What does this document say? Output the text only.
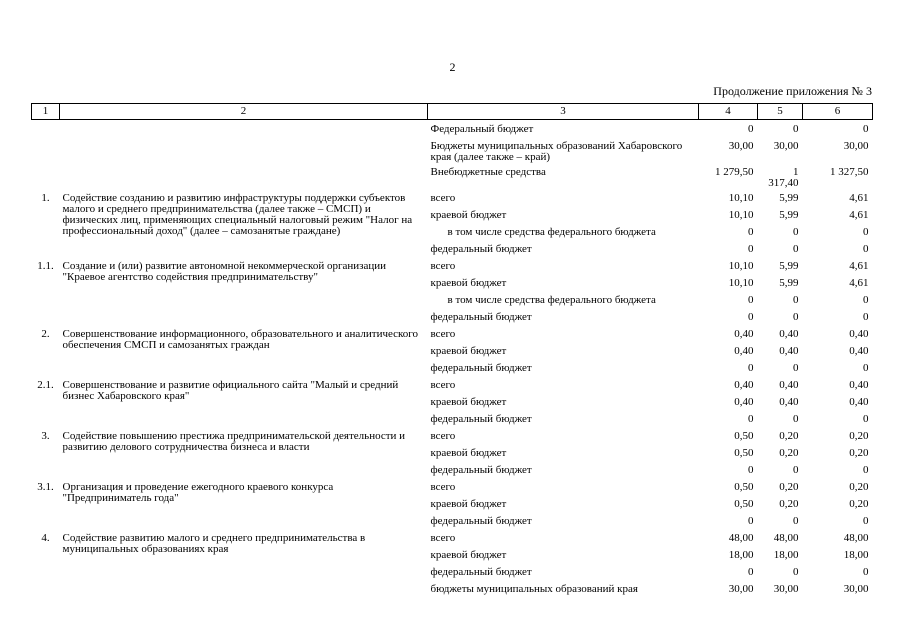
2
Продолжение приложения № 3
1	2	3	4	5	6
		Федеральный бюджет	0	0	0
		Бюджеты муниципальных образований Хабаровского края (далее также – край)	30,00	30,00	30,00
		Внебюджетные средства	1 279,50	1 317,40	1 327,50
1.	Содействие созданию и развитию инфраструктуры поддержки субъектов малого и среднего предпринимательства (далее также – СМСП) и физических лиц, применяющих специальный налоговый режим "Налог на профессиональный доход" (далее – самозанятые граждане)	всего	10,10	5,99	4,61
		краевой бюджет	10,10	5,99	4,61
		в том числе средства федерального бюджета	0	0	0
		федеральный бюджет	0	0	0
1.1.	Создание и (или) развитие автономной некоммерческой организации "Краевое агентство содействия предпринимательству"	всего	10,10	5,99	4,61
		краевой бюджет	10,10	5,99	4,61
		в том числе средства федерального бюджета	0	0	0
		федеральный бюджет	0	0	0
2.	Совершенствование информационного, образовательного и аналитического обеспечения СМСП и самозанятых граждан	всего	0,40	0,40	0,40
		краевой бюджет	0,40	0,40	0,40
		федеральный бюджет	0	0	0
2.1.	Совершенствование и развитие официального сайта "Малый и средний бизнес Хабаровского края"	всего	0,40	0,40	0,40
		краевой бюджет	0,40	0,40	0,40
		федеральный бюджет	0	0	0
3.	Содействие повышению престижа предпринимательской деятельности и развитию делового сотрудничества бизнеса и власти	всего	0,50	0,20	0,20
		краевой бюджет	0,50	0,20	0,20
		федеральный бюджет	0	0	0
3.1.	Организация и проведение ежегодного краевого конкурса "Предприниматель года"	всего	0,50	0,20	0,20
		краевой бюджет	0,50	0,20	0,20
		федеральный бюджет	0	0	0
4.	Содействие развитию малого и среднего предпринимательства в муниципальных образованиях края	всего	48,00	48,00	48,00
		краевой бюджет	18,00	18,00	18,00
		федеральный бюджет	0	0	0
		бюджеты муниципальных образований края	30,00	30,00	30,00
